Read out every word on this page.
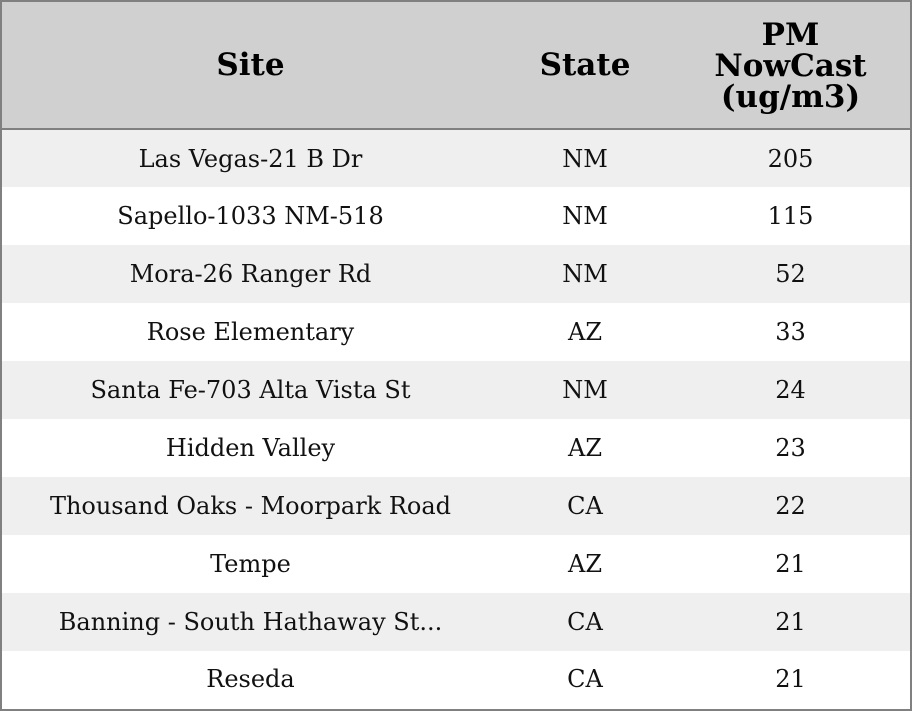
Site	State	PM
NowCast
(ug/m3)

Las Vegas-21 B Dr	NM	205
Sapello-1033 NM-518	NM	115
Mora-26 Ranger Rd	NM	52
Rose Elementary	AZ	33
Santa Fe-703 Alta Vista St	NM	24
Hidden Valley	AZ	23
Thousand Oaks - Moorpark Road	CA	22
Tempe	AZ	21
Banning - South Hathaway St...	CA	21
Reseda	CA	21
